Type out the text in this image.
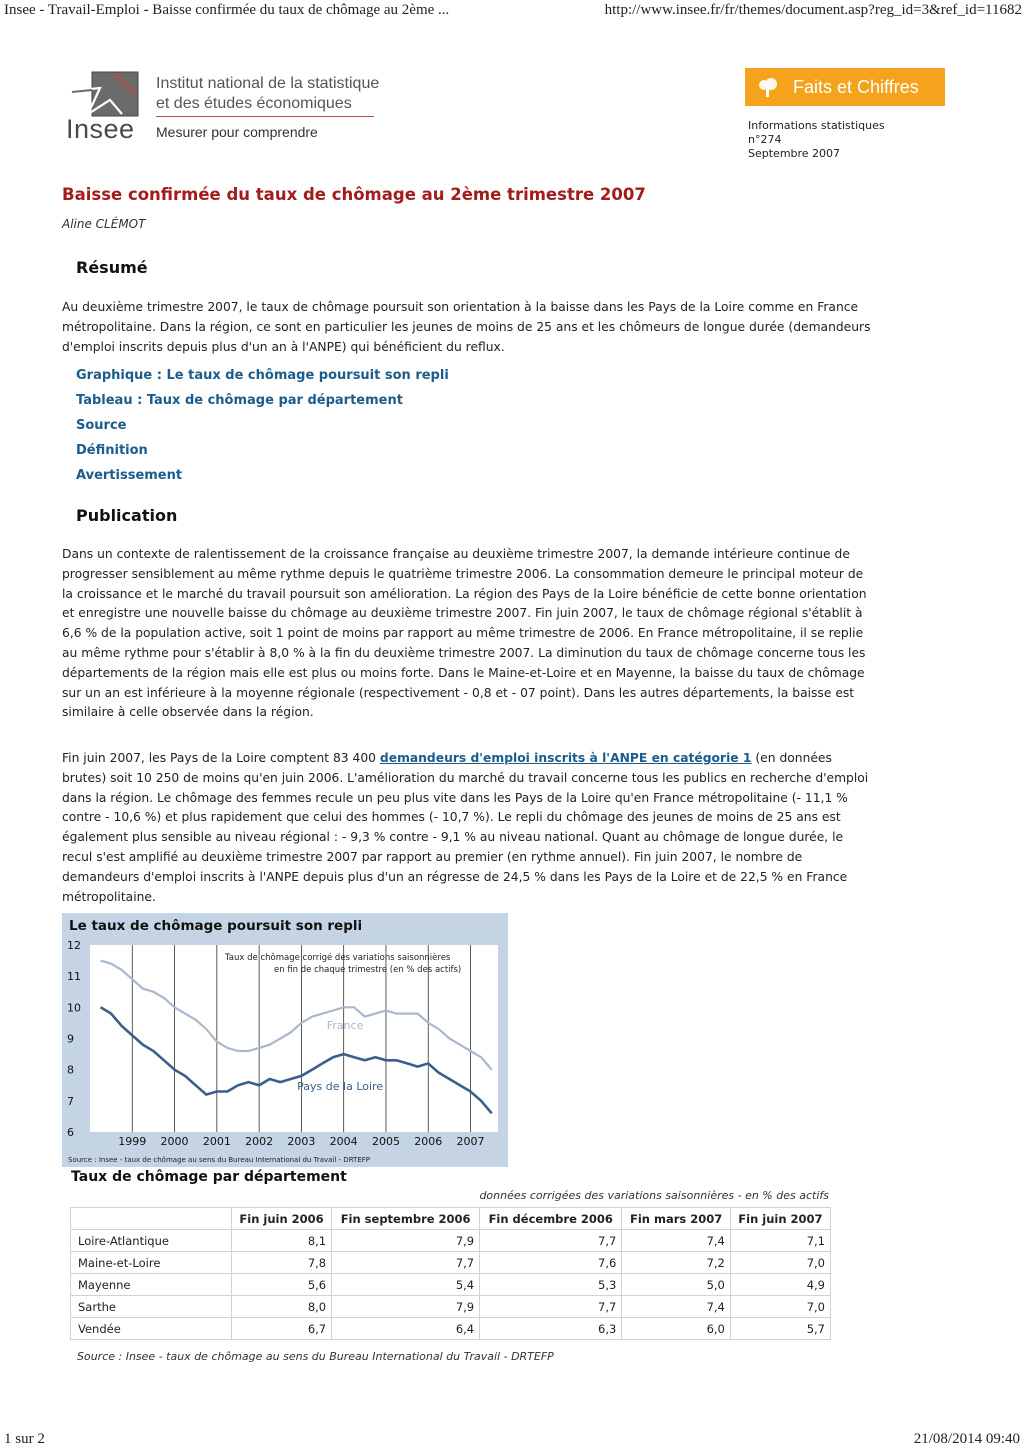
Insee - Travail-Emploi - Baisse confirmée du taux de chômage au 2ème ...	http://www.insee.fr/fr/themes/document.asp?reg_id=3&ref_id=11682
Insee
Institut national de la statistique
et des études économiques
Mesurer pour comprendre
Faits et Chiffres
Informations statistiques
n°274
Septembre 2007
Baisse confirmée du taux de chômage au 2ème trimestre 2007
Aline CLÉMOT
Résumé

Au deuxième trimestre 2007, le taux de chômage poursuit son orientation à la baisse dans les Pays de la Loire comme en France métropolitaine. Dans la région, ce sont en particulier les jeunes de moins de 25 ans et les chômeurs de longue durée (demandeurs d'emploi inscrits depuis plus d'un an à l'ANPE) qui bénéficient du reflux.

Graphique : Le taux de chômage poursuit son repli
Tableau : Taux de chômage par département
Source
Définition
Avertissement
Publication

Dans un contexte de ralentissement de la croissance française au deuxième trimestre 2007, la demande intérieure continue de progresser sensiblement au même rythme depuis le quatrième trimestre 2006. La consommation demeure le principal moteur de la croissance et le marché du travail poursuit son amélioration. La région des Pays de la Loire bénéficie de cette bonne orientation et enregistre une nouvelle baisse du chômage au deuxième trimestre 2007. Fin juin 2007, le taux de chômage régional s'établit à 6,6 % de la population active, soit 1 point de moins par rapport au même trimestre de 2006. En France métropolitaine, il se replie au même rythme pour s'établir à 8,0 % à la fin du deuxième trimestre 2007. La diminution du taux de chômage concerne tous les départements de la région mais elle est plus ou moins forte. Dans le Maine-et-Loire et en Mayenne, la baisse du taux de chômage sur un an est inférieure à la moyenne régionale (respectivement - 0,8 et - 07 point). Dans les autres départements, la baisse est similaire à celle observée dans la région.

Fin juin 2007, les Pays de la Loire comptent 83 400 demandeurs d'emploi inscrits à l'ANPE en catégorie 1 (en données brutes) soit 10 250 de moins qu'en juin 2006. L'amélioration du marché du travail concerne tous les publics en recherche d'emploi dans la région. Le chômage des femmes recule un peu plus vite dans les Pays de la Loire qu'en France métropolitaine (- 11,1 % contre - 10,6 %) et plus rapidement que celui des hommes (- 10,7 %). Le repli du chômage des jeunes de moins de 25 ans est également plus sensible au niveau régional : - 9,3 % contre - 9,1 % au niveau national. Quant au chômage de longue durée, le recul s'est amplifié au deuxième trimestre 2007 par rapport au premier (en rythme annuel). Fin juin 2007, le nombre de demandeurs d'emploi inscrits à l'ANPE depuis plus d'un an régresse de 24,5 % dans les Pays de la Loire et de 22,5 % en France métropolitaine.

6
7
8
9
10
11
12
1999 2000 2001 2002 2003 2004 2005 2006 2007
Taux de chômage corrigé des variations saisonnières
en fin de chaque trimestre (en % des actifs)
France
Pays de la Loire
Le taux de chômage poursuit son repli
Source : Insee - taux de chômage au sens du Bureau International du Travail - DRTEFP
Taux de chômage par département
données corrigées des variations saisonnières - en % des actifs
	Fin juin 2006	Fin septembre 2006	Fin décembre 2006	Fin mars 2007	Fin juin 2007
Loire-Atlantique	8,1	7,9	7,7	7,4	7,1
Maine-et-Loire	7,8	7,7	7,6	7,2	7,0
Mayenne	5,6	5,4	5,3	5,0	4,9
Sarthe	8,0	7,9	7,7	7,4	7,0
Vendée	6,7	6,4	6,3	6,0	5,7
Source : Insee - taux de chômage au sens du Bureau International du Travail - DRTEFP
1 sur 2	21/08/2014 09:40
